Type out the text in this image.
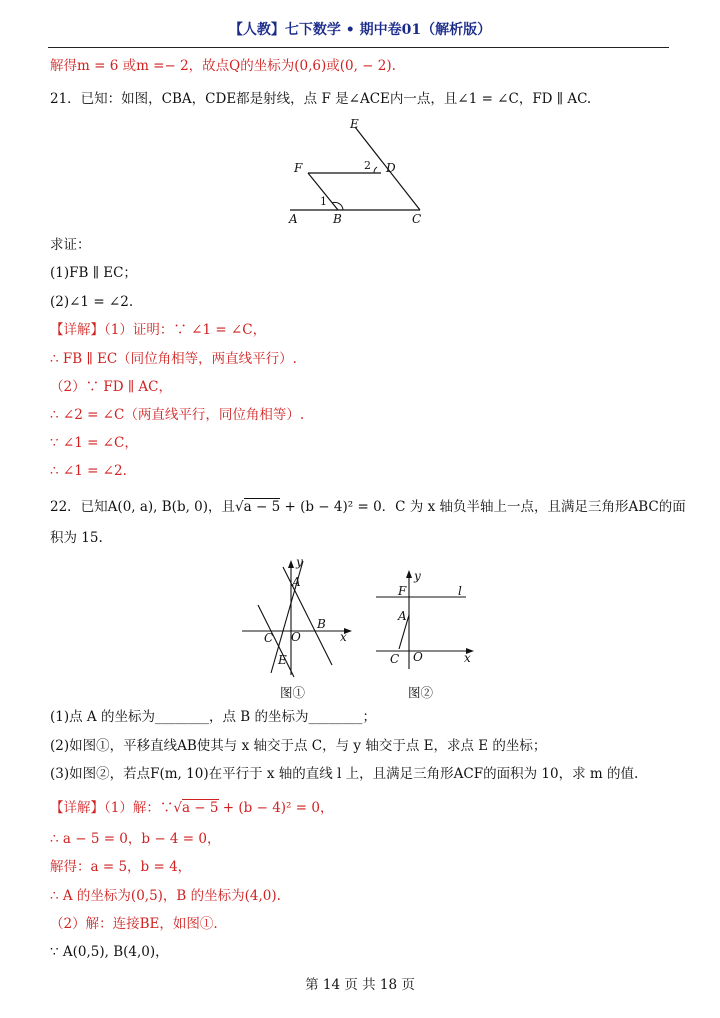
【人教】七下数学 • 期中卷01（解析版）
解得m = 6 或m =− 2，故点Q的坐标为(0,6)或(0, − 2).
21．已知：如图，CBA，CDE都是射线，点 F 是∠ACE内一点，且∠1 = ∠C，FD ∥ AC.
E
F	D
A	B	C
1
2
求证：
(1)FB ∥ EC；
(2)∠1 = ∠2.
【详解】（1）证明：∵ ∠1 = ∠C，
∴ FB ∥ EC（同位角相等，两直线平行）.
（2）∵ FD ∥ AC，
∴ ∠2 = ∠C（两直线平行，同位角相等）.
∵ ∠1 = ∠C，
∴ ∠1 = ∠2.
22．已知A(0, a), B(b, 0)，且√a − 5 + (b − 4)² = 0．C 为 x 轴负半轴上一点，且满足三角形ABC的面
积为 15.
y
x
A
B
C O
E
图①
y
F	l
A
C O	x
图②
(1)点 A 的坐标为________，点 B 的坐标为________；
(2)如图①，平移直线AB使其与 x 轴交于点 C，与 y 轴交于点 E，求点 E 的坐标；
(3)如图②，若点F(m, 10)在平行于 x 轴的直线 l 上，且满足三角形ACF的面积为 10，求 m 的值.
【详解】（1）解：∵√a − 5 + (b − 4)² = 0，
∴ a − 5 = 0，b − 4 = 0，
解得：a = 5，b = 4，
∴ A 的坐标为(0,5)，B 的坐标为(4,0).
（2）解：连接BE，如图①.
∵ A(0,5), B(4,0)，
第 14 页 共 18 页
